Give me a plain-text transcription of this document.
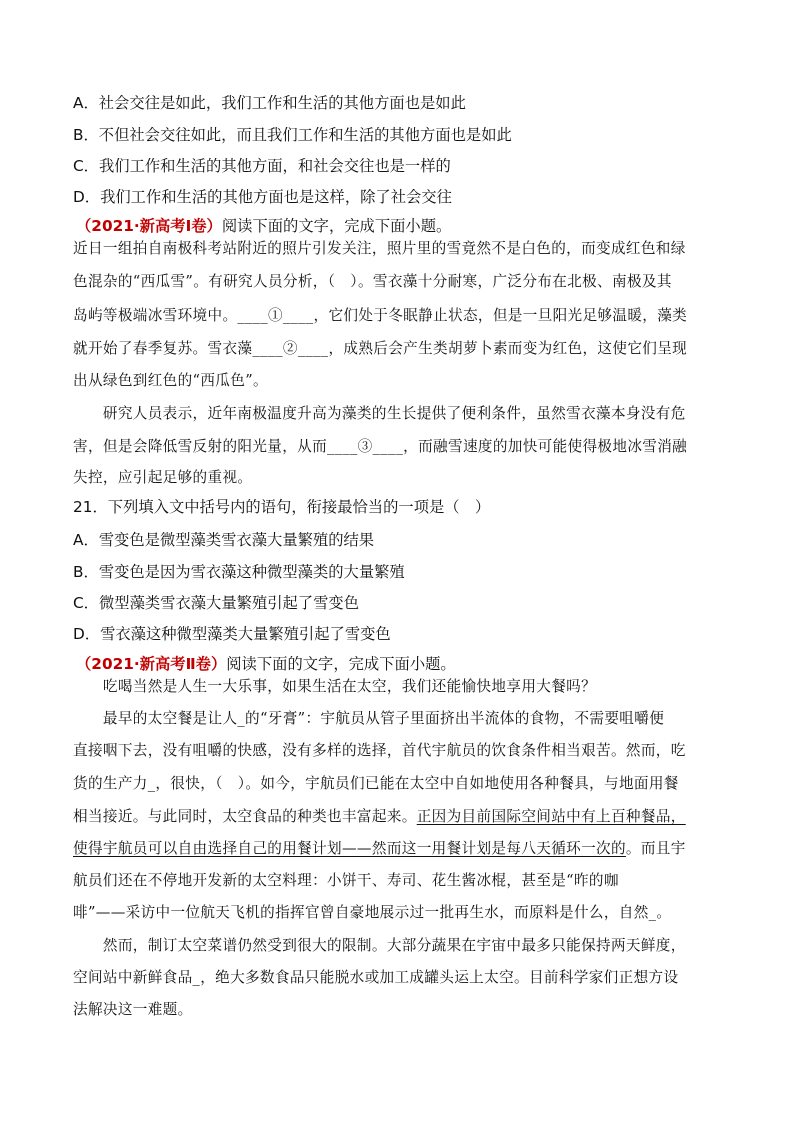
A．社会交往是如此，我们工作和生活的其他方面也是如此
B．不但社会交往如此，而且我们工作和生活的其他方面也是如此
C．我们工作和生活的其他方面，和社会交往也是一样的
D．我们工作和生活的其他方面也是这样，除了社会交往
（2021·新高考Ⅰ卷）阅读下面的文字，完成下面小题。
近日一组拍自南极科考站附近的照片引发关注，照片里的雪竟然不是白色的，而变成红色和绿
色混杂的“西瓜雪”。有研究人员分析，（　）。雪衣藻十分耐寒，广泛分布在北极、南极及其
岛屿等极端冰雪环境中。____①____，它们处于冬眠静止状态，但是一旦阳光足够温暖，藻类
就开始了春季复苏。雪衣藻____②____，成熟后会产生类胡萝卜素而变为红色，这使它们呈现
出从绿色到红色的“西瓜色”。
　　研究人员表示，近年南极温度升高为藻类的生长提供了便利条件，虽然雪衣藻本身没有危
害，但是会降低雪反射的阳光量，从而____③____，而融雪速度的加快可能使得极地冰雪消融
失控，应引起足够的重视。
21．下列填入文中括号内的语句，衔接最恰当的一项是（　）
A．雪变色是微型藻类雪衣藻大量繁殖的结果
B．雪变色是因为雪衣藻这种微型藻类的大量繁殖
C．微型藻类雪衣藻大量繁殖引起了雪变色
D．雪衣藻这种微型藻类大量繁殖引起了雪变色
（2021·新高考Ⅱ卷）阅读下面的文字，完成下面小题。
　　吃喝当然是人生一大乐事，如果生活在太空，我们还能愉快地享用大餐吗？
　　最早的太空餐是让人_的“牙膏”：宇航员从管子里面挤出半流体的食物，不需要咀嚼便
直接咽下去，没有咀嚼的快感，没有多样的选择，首代宇航员的饮食条件相当艰苦。然而，吃
货的生产力_，很快，（　）。如今，宇航员们已能在太空中自如地使用各种餐具，与地面用餐
相当接近。与此同时，太空食品的种类也丰富起来。正因为目前国际空间站中有上百种餐品，
使得宇航员可以自由选择自己的用餐计划——然而这一用餐计划是每八天循环一次的。而且宇
航员们还在不停地开发新的太空料理：小饼干、寿司、花生酱冰棍，甚至是“昨的咖
啡”——采访中一位航天飞机的指挥官曾自豪地展示过一批再生水，而原料是什么，自然_。
　　然而，制订太空菜谱仍然受到很大的限制。大部分蔬果在宇宙中最多只能保持两天鲜度，
空间站中新鲜食品_，绝大多数食品只能脱水或加工成罐头运上太空。目前科学家们正想方设
法解决这一难题。
